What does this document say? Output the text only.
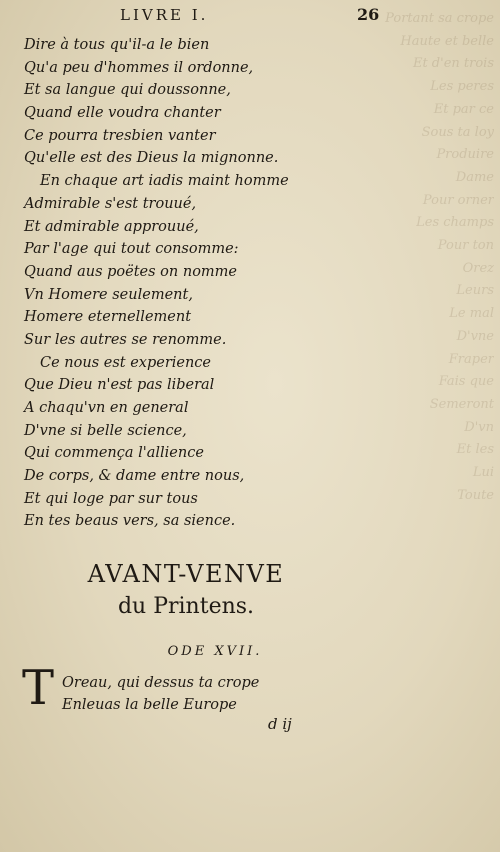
Portant sa crope
Haute et belle
Et d'en trois
Les peres
Et par ce
Sous ta loy
Produire
Dame
Pour orner
Les champs
Pour ton
Orez
Leurs
Le mal
D'vne
Fraper
Fais que
Semeront
D'vn
Et les
Lui
Toute
LIVRE I.	26
Dire à tous qu'il-a le bien
Qu'a peu d'hommes il ordonne,
Et sa langue qui doussonne,
Quand elle voudra chanter
Ce pourra tresbien vanter
Qu'elle est des Dieus la mignonne.
En chaque art iadis maint homme
Admirable s'est trouué,
Et admirable approuué,
Par l'age qui tout consomme:
Quand aus poëtes on nomme
Vn Homere seulement,
Homere eternellement
Sur les autres se renomme.
Ce nous est experience
Que Dieu n'est pas liberal
A chaqu'vn en general
D'vne si belle science,
Qui commença l'allience
De corps, & dame entre nous,
Et qui loge par sur tous
En tes beaus vers, sa sience.
AVANT-VENVE
du Printens.
ODE XVII.
T Oreau, qui dessus ta crope
Enleuas la belle Europe
d ij
